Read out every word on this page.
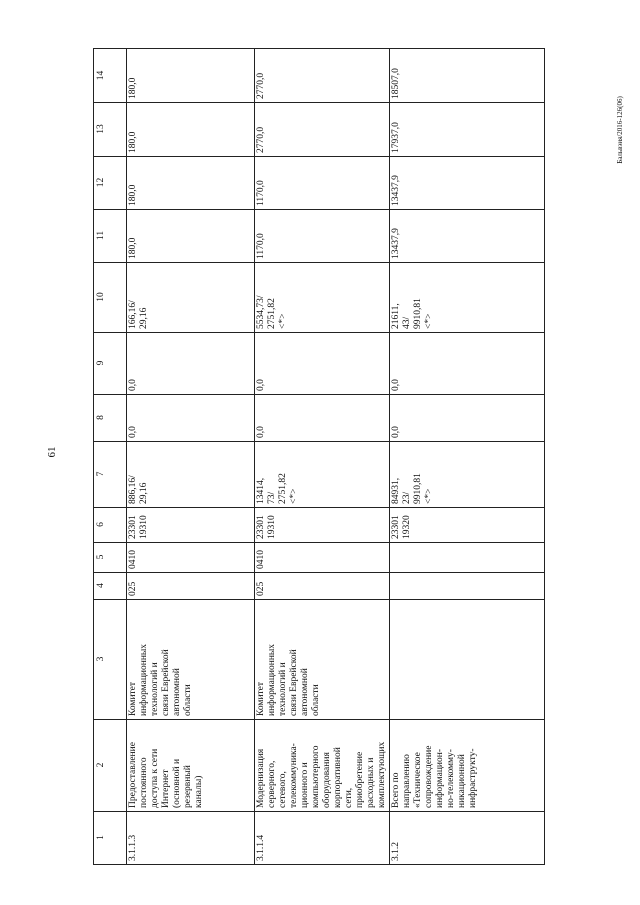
61
Бальвэия/2016-126(06)
1
2
3
4
5
6
7
8
9
10
11
12
13
14
3.1.1.3
Предоставление постоянного доступа к сети Интернет (основной и резервный каналы)
Комитет информационных технологий и связи Еврейской автономной области
025
0410
23301 19310
886,16/ 29,16
0,0
0,0
166,16/ 29,16
180,0
180,0
180,0
180,0
3.1.1.4
Модернизация серверного, сетевого, телекоммуника- ционного и компьютерного оборудования корпоративной сети, приобретение расходных и комплектующих
Комитет информационных технологий и связи Еврейской автономной области
025
0410
23301 19310
13414, 73/ 2751,82 <*>
0,0
0,0
5534,73/ 2751,82 <*>
1170,0
1170,0
2770,0
2770,0
3.1.2
Всего по направлению «Техническое сопровождение информацион- но-телекомму- никационной инфраструкту-
23301 19320
84931, 23/ 9910,81 <*>
0,0
0,0
21611, 43/ 9910,81 <*>
13437,9
13437,9
17937,0
18507,0
